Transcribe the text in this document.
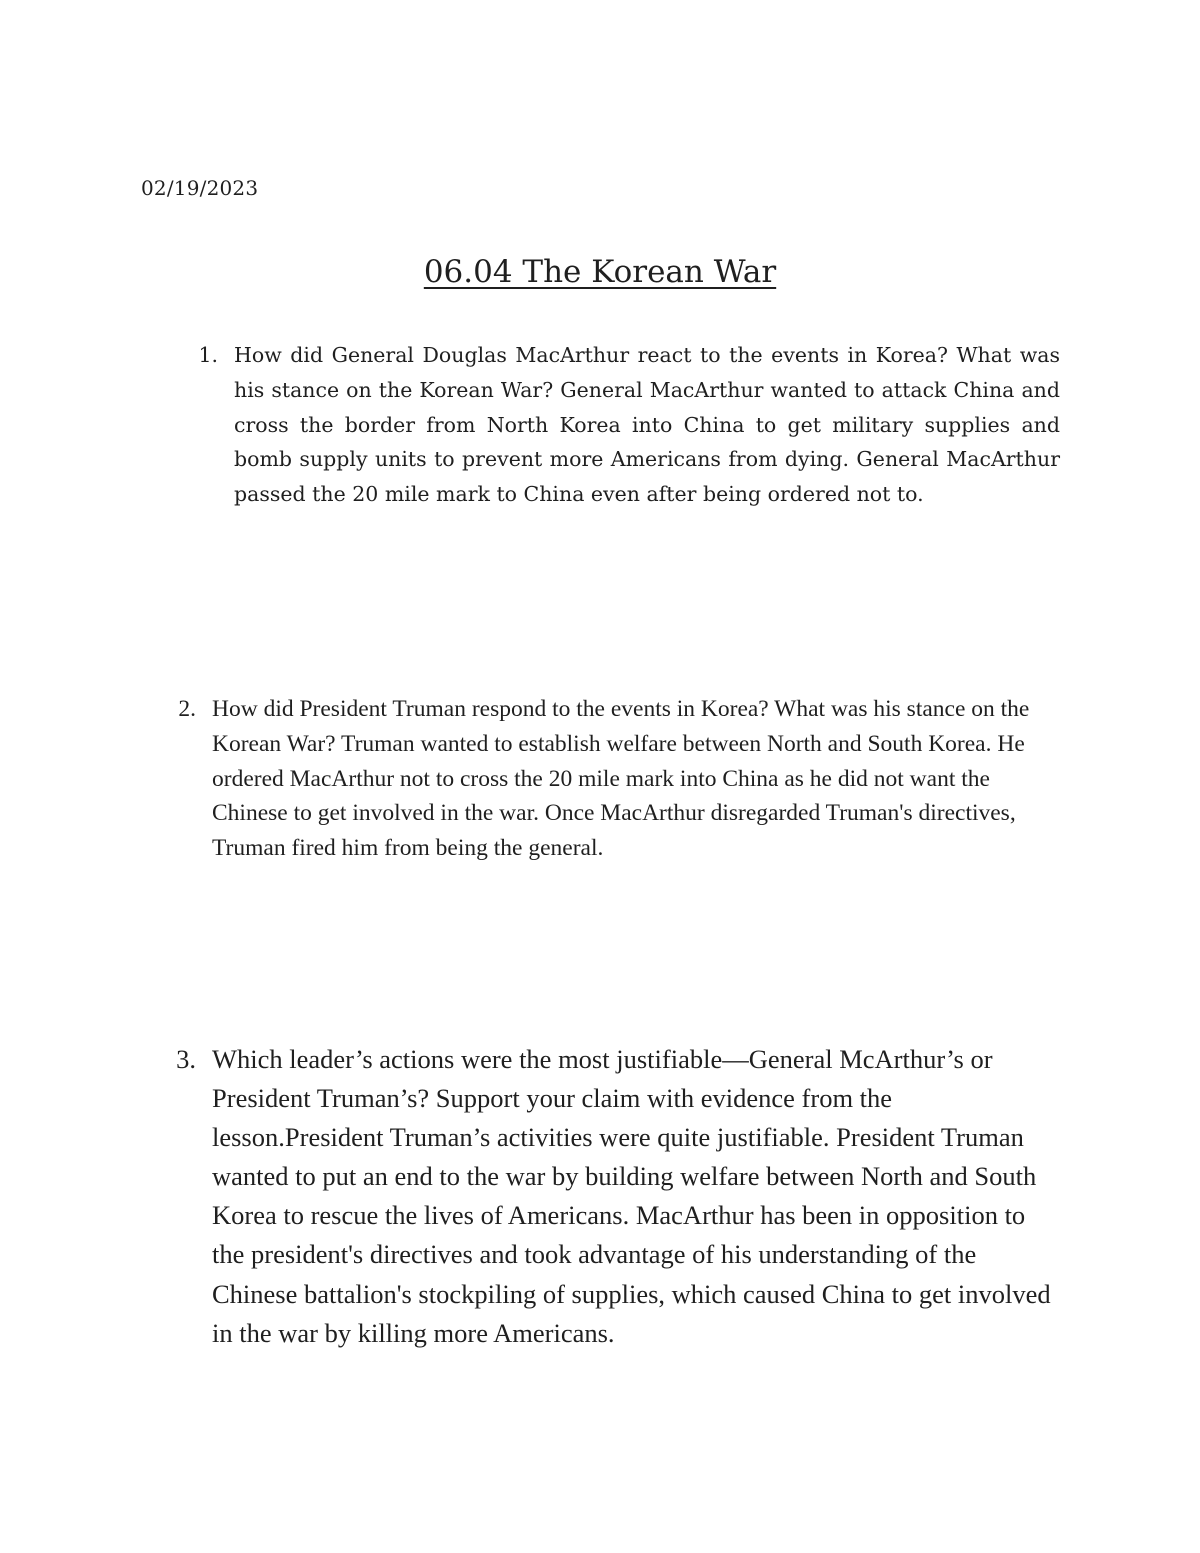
02/19/2023
06.04 The Korean War
1. How did General Douglas MacArthur react to the events in Korea? What was his stance on the Korean War? General MacArthur wanted to attack China and cross the border from North Korea into China to get military supplies and bomb supply units to prevent more Americans from dying. General MacArthur passed the 20 mile mark to China even after being ordered not to.

2. How did President Truman respond to the events in Korea? What was his stance on the Korean War? Truman wanted to establish welfare between North and South Korea. He ordered MacArthur not to cross the 20 mile mark into China as he did not want the Chinese to get involved in the war. Once MacArthur disregarded Truman's directives, Truman fired him from being the general.

3. Which leader’s actions were the most justifiable—General McArthur’s or President Truman’s? Support your claim with evidence from the lesson.President Truman’s activities were quite justifiable. President Truman wanted to put an end to the war by building welfare between North and South Korea to rescue the lives of Americans. MacArthur has been in opposition to the president's directives and took advantage of his understanding of the Chinese battalion's stockpiling of supplies, which caused China to get involved in the war by killing more Americans.
